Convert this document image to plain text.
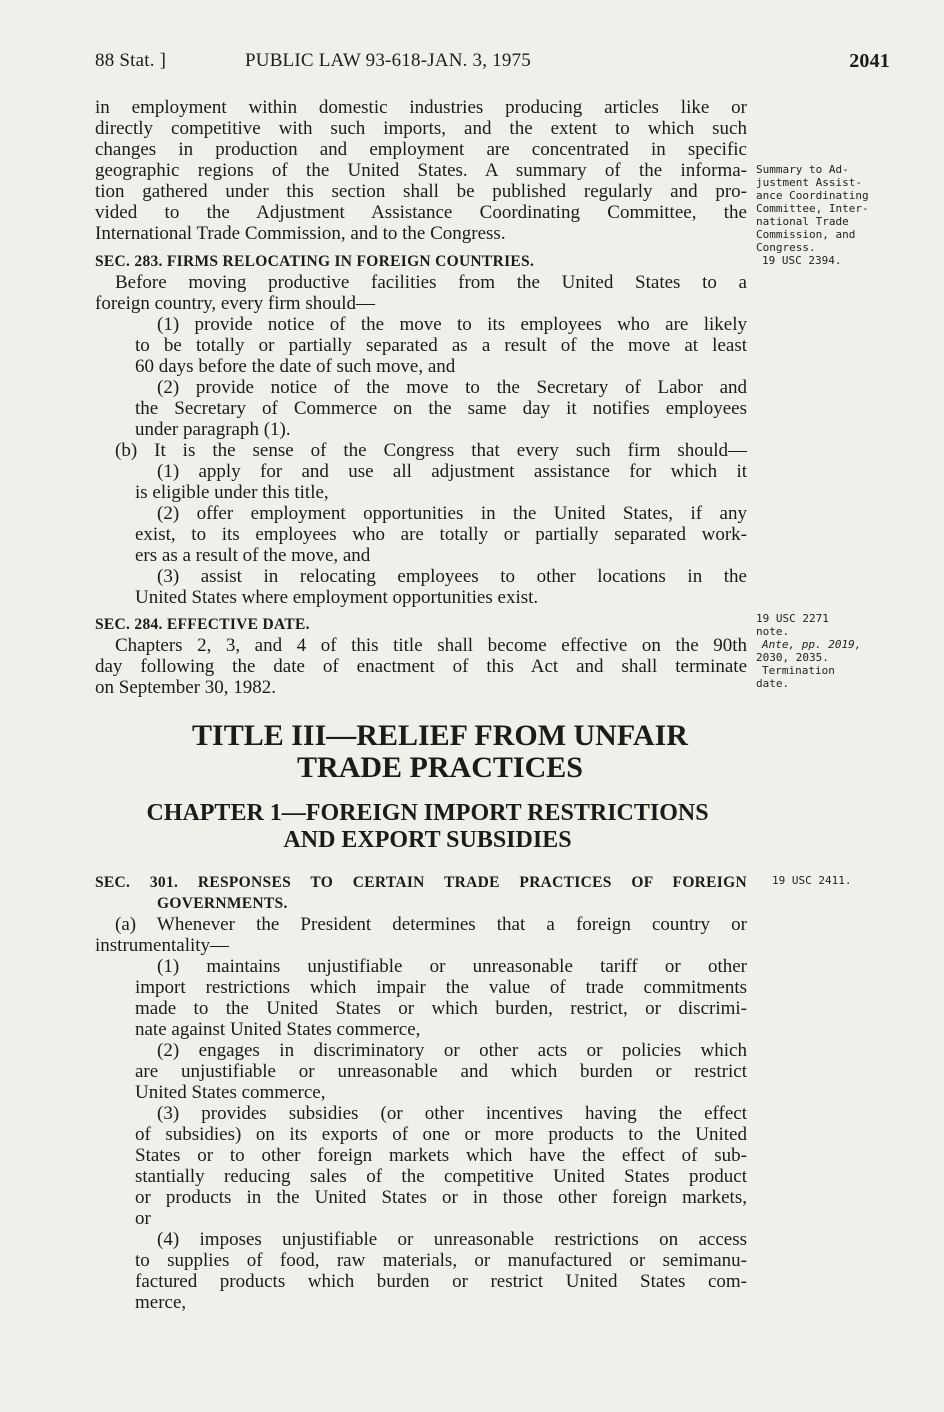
88 Stat. ]	PUBLIC LAW 93-618-JAN. 3, 1975	2041
in employment within domestic industries producing articles like or
directly competitive with such imports, and the extent to which such
changes in production and employment are concentrated in specific
geographic regions of the United States. A summary of the informa-
tion gathered under this section shall be published regularly and pro-
vided to the Adjustment Assistance Coordinating Committee, the
International Trade Commission, and to the Congress.
SEC. 283. FIRMS RELOCATING IN FOREIGN COUNTRIES.
Before moving productive facilities from the United States to a
foreign country, every firm should—
(1) provide notice of the move to its employees who are likely
to be totally or partially separated as a result of the move at least
60 days before the date of such move, and
(2) provide notice of the move to the Secretary of Labor and
the Secretary of Commerce on the same day it notifies employees
under paragraph (1).
(b) It is the sense of the Congress that every such firm should—
(1) apply for and use all adjustment assistance for which it
is eligible under this title,
(2) offer employment opportunities in the United States, if any
exist, to its employees who are totally or partially separated work-
ers as a result of the move, and
(3) assist in relocating employees to other locations in the
United States where employment opportunities exist.
SEC. 284. EFFECTIVE DATE.
Chapters 2, 3, and 4 of this title shall become effective on the 90th
day following the date of enactment of this Act and shall terminate
on September 30, 1982.
TITLE III—RELIEF FROM UNFAIR
TRADE PRACTICES
CHAPTER 1—FOREIGN IMPORT RESTRICTIONS
AND EXPORT SUBSIDIES
SEC. 301. RESPONSES TO CERTAIN TRADE PRACTICES OF FOREIGN
GOVERNMENTS.
(a) Whenever the President determines that a foreign country or
instrumentality—
(1) maintains unjustifiable or unreasonable tariff or other
import restrictions which impair the value of trade commitments
made to the United States or which burden, restrict, or discrimi-
nate against United States commerce,
(2) engages in discriminatory or other acts or policies which
are unjustifiable or unreasonable and which burden or restrict
United States commerce,
(3) provides subsidies (or other incentives having the effect
of subsidies) on its exports of one or more products to the United
States or to other foreign markets which have the effect of sub-
stantially reducing sales of the competitive United States product
or products in the United States or in those other foreign markets,
or
(4) imposes unjustifiable or unreasonable restrictions on access
to supplies of food, raw materials, or manufactured or semimanu-
factured products which burden or restrict United States com-
merce,
Summary to Ad-
justment Assist-
ance Coordinating
Committee, Inter-
national Trade
Commission, and
Congress.
19 USC 2394.
19 USC 2271
note.
Ante, pp. 2019,
2030, 2035.
Termination
date.
19 USC 2411.
